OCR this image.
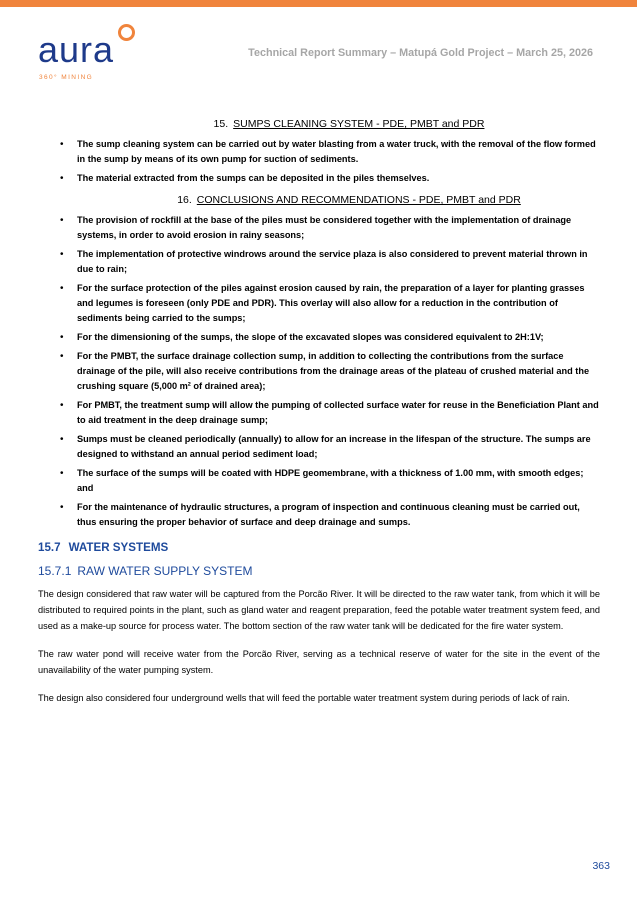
aura
360° MINING
Technical Report Summary – Matupá Gold Project – March 25, 2026
15. SUMPS CLEANING SYSTEM - PDE, PMBT and PDR
• The sump cleaning system can be carried out by water blasting from a water truck, with the removal of the flow formed in the sump by means of its own pump for suction of sediments.
• The material extracted from the sumps can be deposited in the piles themselves.
16. CONCLUSIONS AND RECOMMENDATIONS - PDE, PMBT and PDR
• The provision of rockfill at the base of the piles must be considered together with the implementation of drainage systems, in order to avoid erosion in rainy seasons;
• The implementation of protective windrows around the service plaza is also considered to prevent material thrown in due to rain;
• For the surface protection of the piles against erosion caused by rain, the preparation of a layer for planting grasses and legumes is foreseen (only PDE and PDR). This overlay will also allow for a reduction in the contribution of sediments being carried to the sumps;
• For the dimensioning of the sumps, the slope of the excavated slopes was considered equivalent to 2H:1V;
• For the PMBT, the surface drainage collection sump, in addition to collecting the contributions from the surface drainage of the pile, will also receive contributions from the drainage areas of the plateau of crushed material and the crushing square (5,000 m² of drained area);
• For PMBT, the treatment sump will allow the pumping of collected surface water for reuse in the Beneficiation Plant and to aid treatment in the deep drainage sump;
• Sumps must be cleaned periodically (annually) to allow for an increase in the lifespan of the structure. The sumps are designed to withstand an annual period sediment load;
• The surface of the sumps will be coated with HDPE geomembrane, with a thickness of 1.00 mm, with smooth edges; and
• For the maintenance of hydraulic structures, a program of inspection and continuous cleaning must be carried out, thus ensuring the proper behavior of surface and deep drainage and sumps.
15.7 WATER SYSTEMS
15.7.1 RAW WATER SUPPLY SYSTEM

The design considered that raw water will be captured from the Porcão River. It will be directed to the raw water tank, from which it will be distributed to required points in the plant, such as gland water and reagent preparation, feed the potable water treatment system feed, and used as a make-up source for process water. The bottom section of the raw water tank will be dedicated for the fire water system.

The raw water pond will receive water from the Porcão River, serving as a technical reserve of water for the site in the event of the unavailability of the water pumping system.

The design also considered four underground wells that will feed the portable water treatment system during periods of lack of rain.

363
